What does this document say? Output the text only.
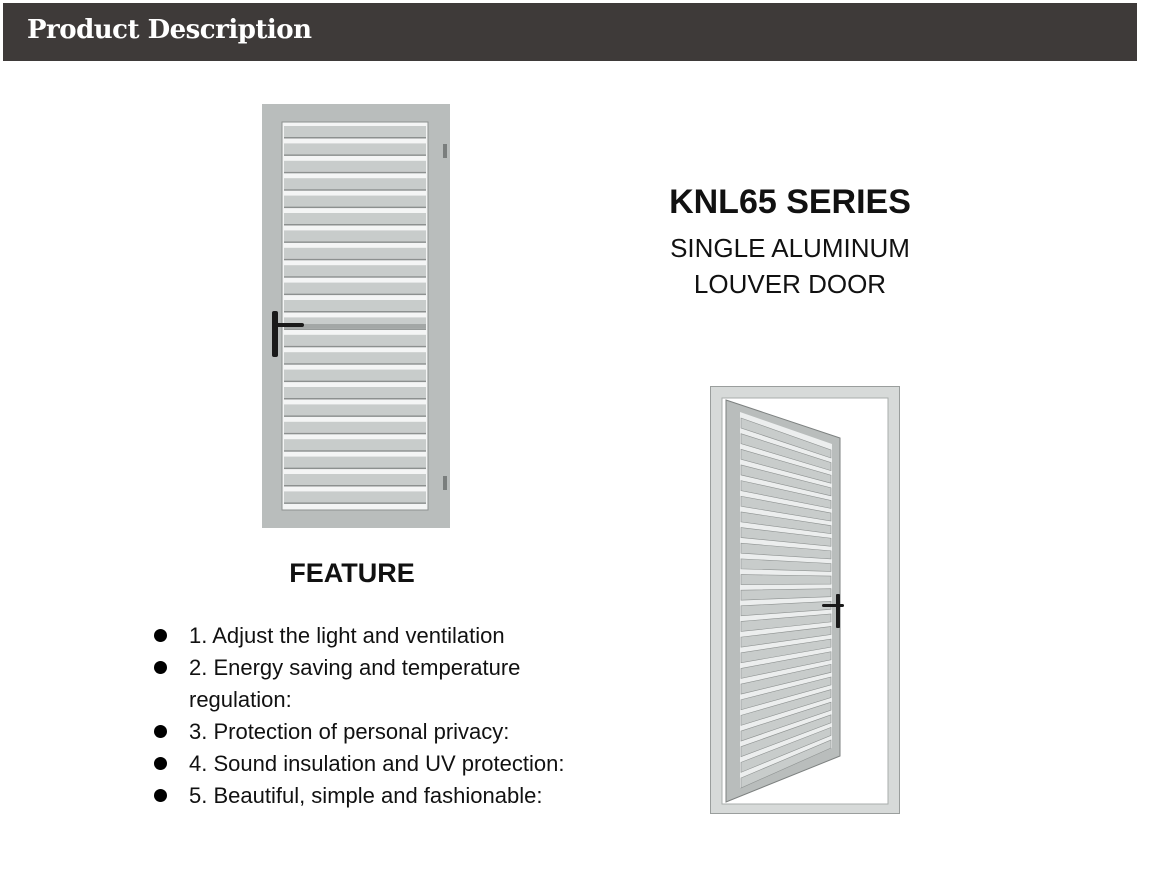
Product Description
KNL65 SERIES
SINGLE ALUMINUM
LOUVER DOOR
FEATURE
1. Adjust the light and ventilation
2. Energy saving and temperature regulation:
3. Protection of personal privacy:
4. Sound insulation and UV protection:
5. Beautiful, simple and fashionable:
